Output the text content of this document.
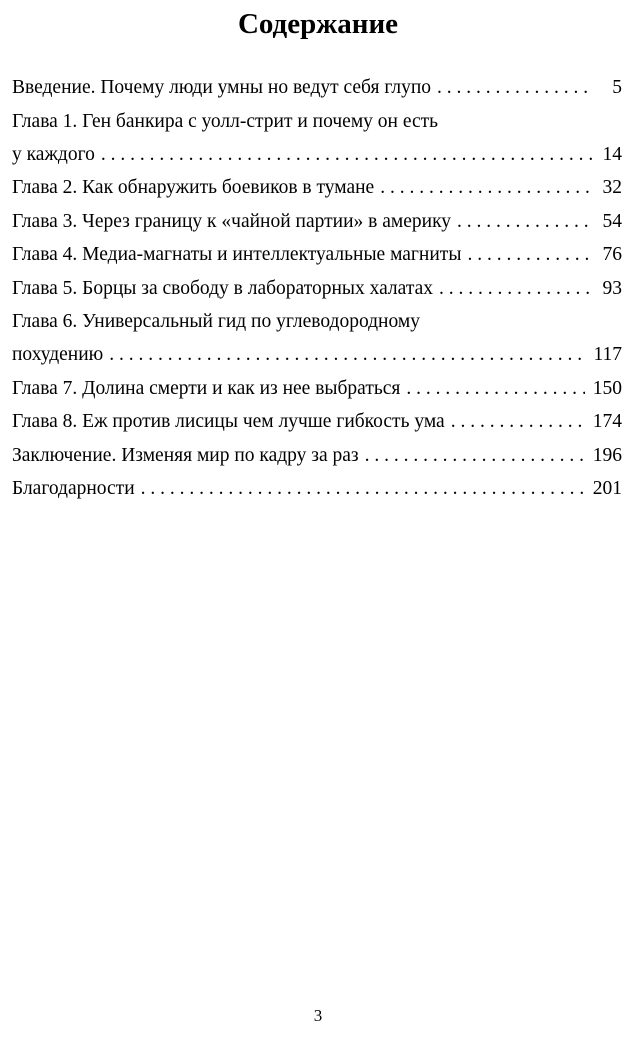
Содержание
Введение. Почему люди умны но ведут себя глупо . . .	5
Глава 1. Ген банкира с уолл-стрит и почему он есть
у каждого . . .	14
Глава 2. Как обнаружить боевиков в тумане . . .	32
Глава 3. Через границу к «чайной партии» в америку . . .	54
Глава 4. Медиа-магнаты и интеллектуальные магниты . . .	76
Глава 5. Борцы за свободу в лабораторных халатах . . .	93
Глава 6. Универсальный гид по углеводородному
похудению . . .	117
Глава 7. Долина смерти и как из нее выбраться . . .	150
Глава 8. Еж против лисицы чем лучше гибкость ума . . .	174
Заключение. Изменяя мир по кадру за раз . . .	196
Благодарности . . .	201
3
